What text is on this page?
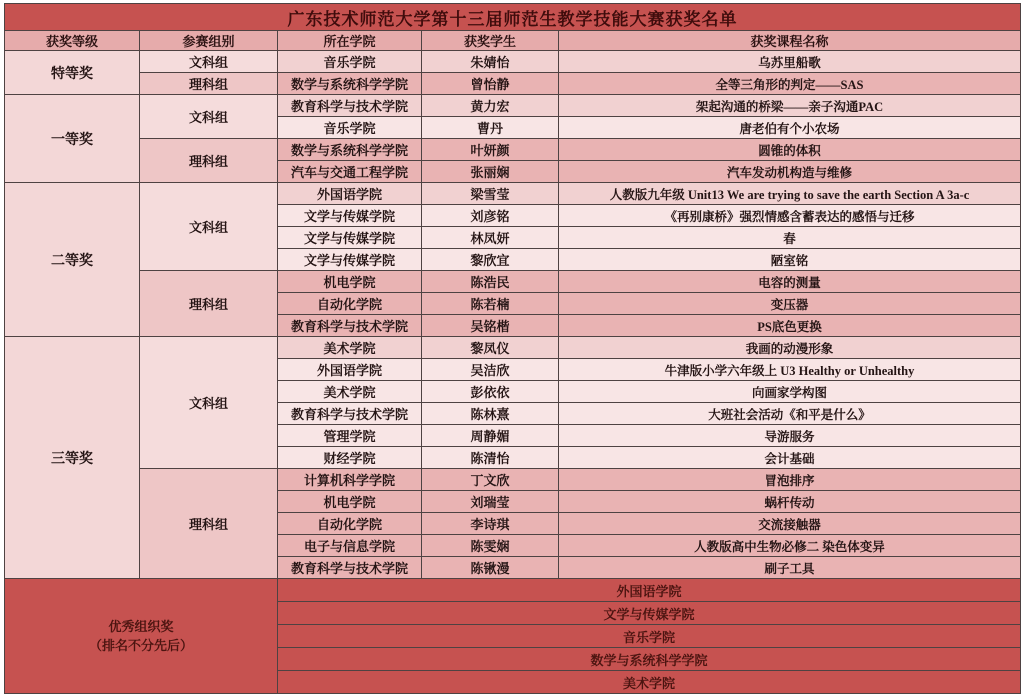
广东技术师范大学第十三届师范生教学技能大赛获奖名单				
获奖等级	参赛组别	所在学院	获奖学生	获奖课程名称
特等奖	文科组	音乐学院	朱婧怡	乌苏里船歌
	理科组	数学与系统科学学院	曾怡静	全等三角形的判定——SAS
一等奖	文科组	教育科学与技术学院	黄力宏	架起沟通的桥梁——亲子沟通PAC
		音乐学院	曹丹	唐老伯有个小农场
	理科组	数学与系统科学学院	叶妍颜	圆锥的体积
		汽车与交通工程学院	张丽娴	汽车发动机构造与维修
二等奖	文科组	外国语学院	梁雪莹	人教版九年级 Unit13 We are trying to save the earth Section A 3a-c
		文学与传媒学院	刘彦铭	《再别康桥》强烈情感含蓄表达的感悟与迁移
		文学与传媒学院	林凤妍	春
		文学与传媒学院	黎欣宜	陋室铭
	理科组	机电学院	陈浩民	电容的测量
		自动化学院	陈若楠	变压器
		教育科学与技术学院	吴铭楷	PS底色更换
三等奖	文科组	美术学院	黎凤仪	我画的动漫形象
		外国语学院	吴洁欣	牛津版小学六年级上 U3 Healthy or Unhealthy
		美术学院	彭依依	向画家学构图
		教育科学与技术学院	陈林熹	大班社会活动《和平是什么》
		管理学院	周静媚	导游服务
		财经学院	陈清怡	会计基础
	理科组	计算机科学学院	丁文欣	冒泡排序
		机电学院	刘瑞莹	蜗杆传动
		自动化学院	李诗琪	交流接触器
		电子与信息学院	陈雯娴	人教版高中生物必修二 染色体变异
		教育科学与技术学院	陈锹漫	刷子工具
优秀组织奖
（排名不分先后）		外国语学院		
		文学与传媒学院		
		音乐学院		
		数学与系统科学学院		
		美术学院		
